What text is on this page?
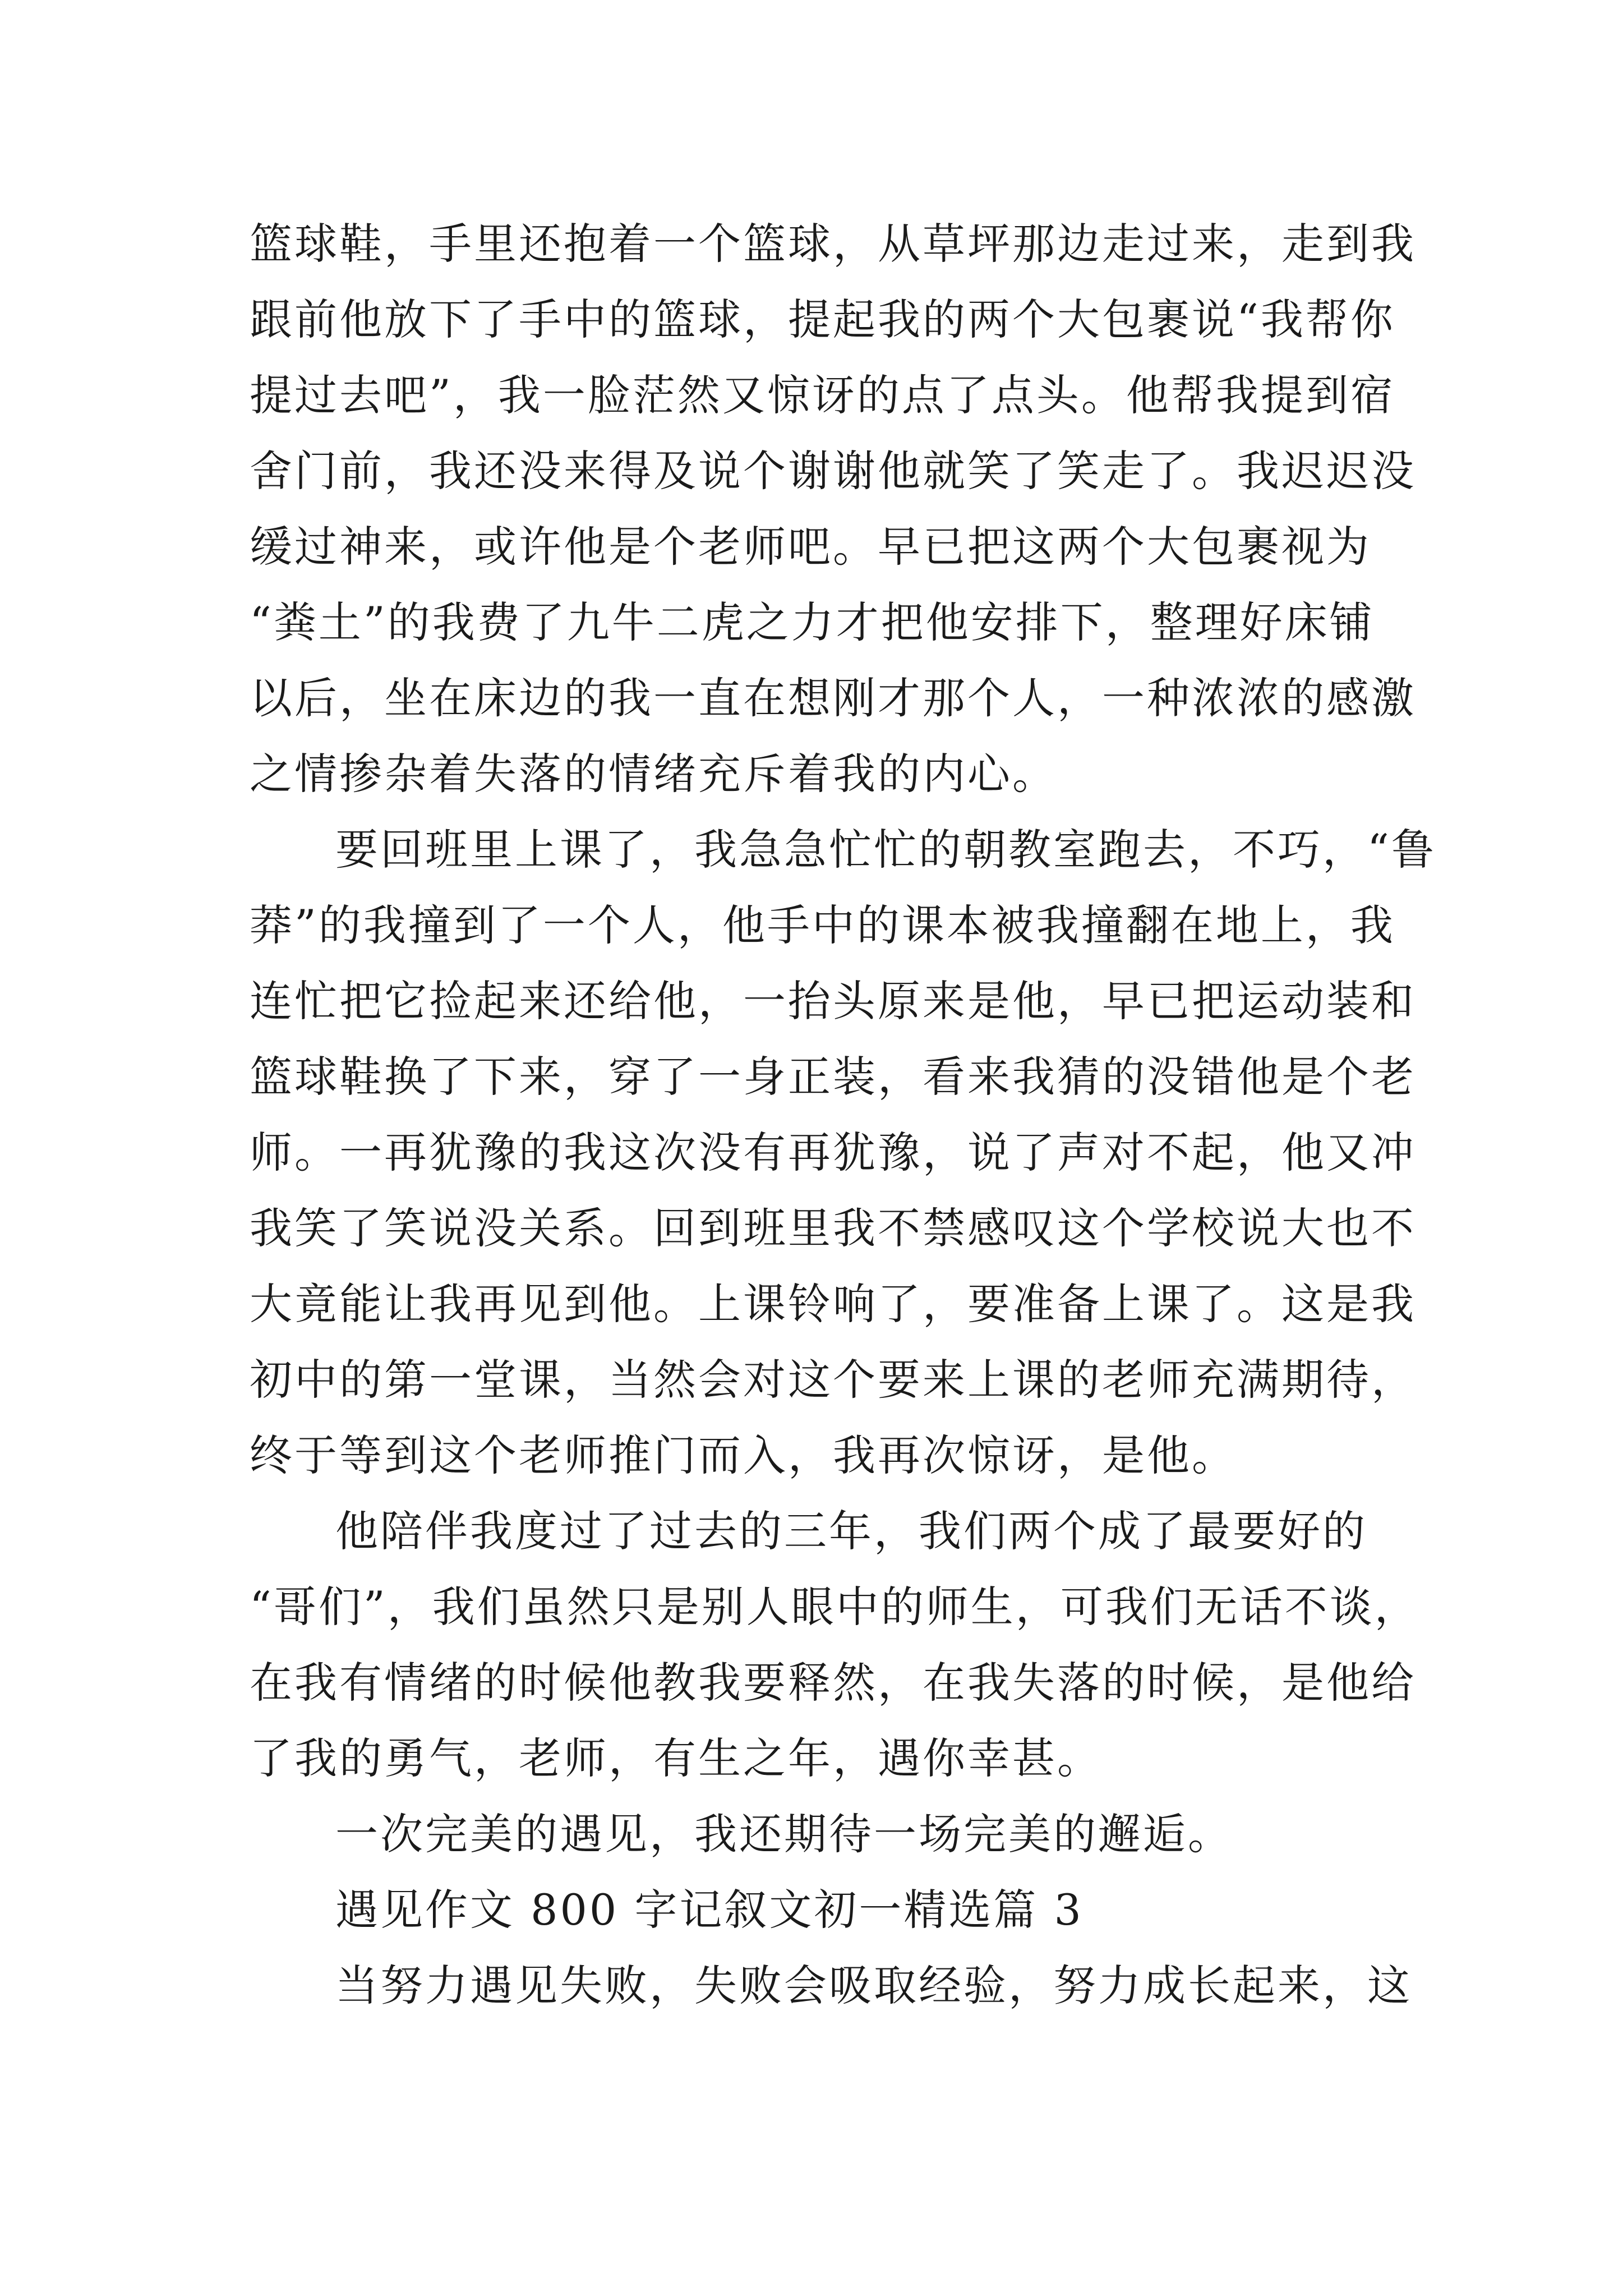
篮球鞋，手里还抱着一个篮球，从草坪那边走过来，走到我
跟前他放下了手中的篮球，提起我的两个大包裹说“我帮你
提过去吧”，我一脸茫然又惊讶的点了点头。他帮我提到宿
舍门前，我还没来得及说个谢谢他就笑了笑走了。我迟迟没
缓过神来，或许他是个老师吧。早已把这两个大包裹视为
“粪土”的我费了九牛二虎之力才把他安排下，整理好床铺
以后，坐在床边的我一直在想刚才那个人，一种浓浓的感激
之情掺杂着失落的情绪充斥着我的内心。
要回班里上课了，我急急忙忙的朝教室跑去，不巧，“鲁
莽”的我撞到了一个人，他手中的课本被我撞翻在地上，我
连忙把它捡起来还给他，一抬头原来是他，早已把运动装和
篮球鞋换了下来，穿了一身正装，看来我猜的没错他是个老
师。一再犹豫的我这次没有再犹豫，说了声对不起，他又冲
我笑了笑说没关系。回到班里我不禁感叹这个学校说大也不
大竟能让我再见到他。上课铃响了，要准备上课了。这是我
初中的第一堂课，当然会对这个要来上课的老师充满期待，
终于等到这个老师推门而入，我再次惊讶，是他。
他陪伴我度过了过去的三年，我们两个成了最要好的
“哥们”，我们虽然只是别人眼中的师生，可我们无话不谈，
在我有情绪的时候他教我要释然，在我失落的时候，是他给
了我的勇气，老师，有生之年，遇你幸甚。
一次完美的遇见，我还期待一场完美的邂逅。
遇见作文 800 字记叙文初一精选篇 3
当努力遇见失败，失败会吸取经验，努力成长起来，这
